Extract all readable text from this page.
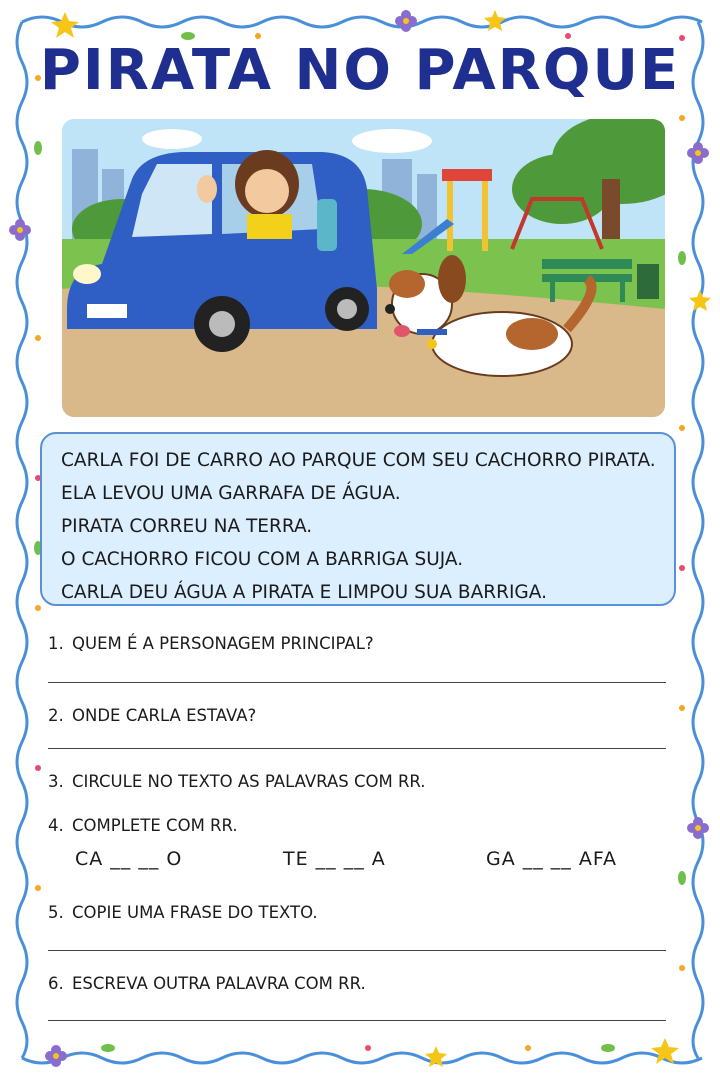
PIRATA NO PARQUE
CARLA FOI DE CARRO AO PARQUE COM SEU CACHORRO PIRATA.
ELA LEVOU UMA GARRAFA DE ÁGUA.
PIRATA CORREU NA TERRA.
O CACHORRO FICOU COM A BARRIGA SUJA.
CARLA DEU ÁGUA A PIRATA E LIMPOU SUA BARRIGA.
1. QUEM É A PERSONAGEM PRINCIPAL?
2. ONDE CARLA ESTAVA?
3. CIRCULE NO TEXTO AS PALAVRAS COM RR.
4. COMPLETE COM RR.
CA __ __ O	TE __ __ A	GA __ __ AFA
5. COPIE UMA FRASE DO TEXTO.
6. ESCREVA OUTRA PALAVRA COM RR.
